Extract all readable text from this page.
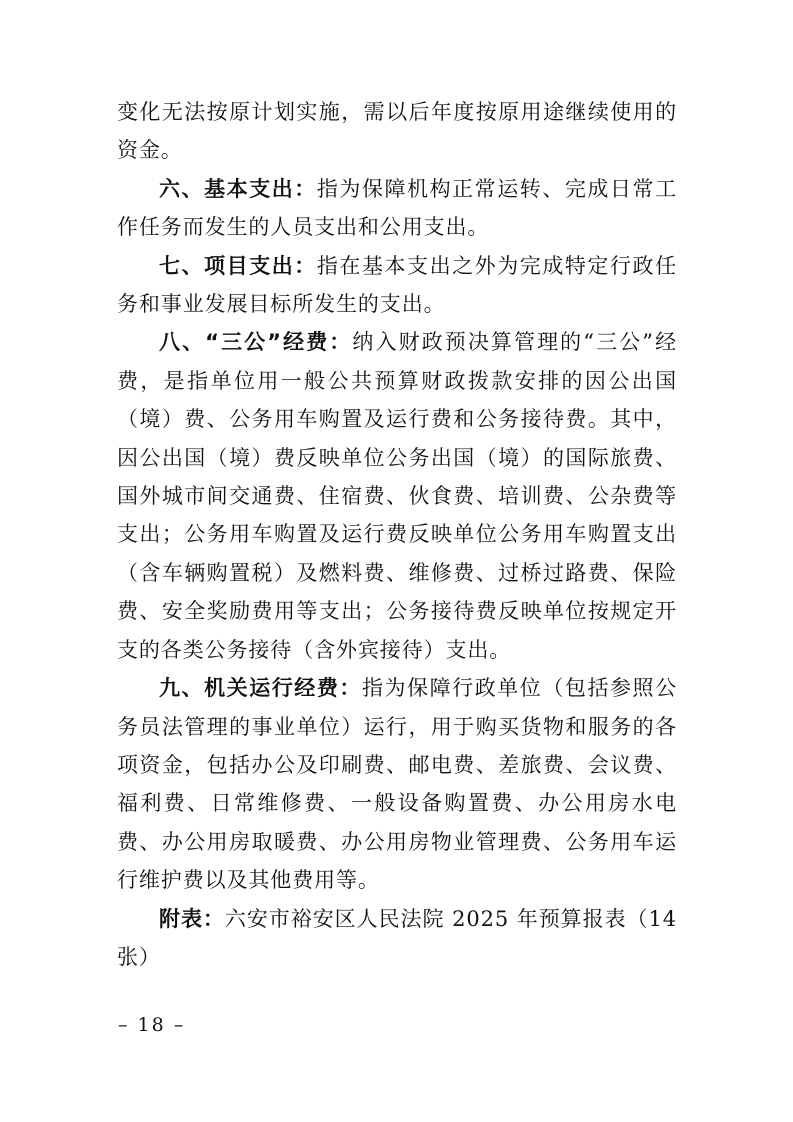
变化无法按原计划实施，需以后年度按原用途继续使用的资金。

六、基本支出：指为保障机构正常运转、完成日常工作任务而发生的人员支出和公用支出。

七、项目支出：指在基本支出之外为完成特定行政任务和事业发展目标所发生的支出。

八、“三公”经费：纳入财政预决算管理的“三公”经费，是指单位用一般公共预算财政拨款安排的因公出国（境）费、公务用车购置及运行费和公务接待费。其中，因公出国（境）费反映单位公务出国（境）的国际旅费、国外城市间交通费、住宿费、伙食费、培训费、公杂费等支出；公务用车购置及运行费反映单位公务用车购置支出（含车辆购置税）及燃料费、维修费、过桥过路费、保险费、安全奖励费用等支出；公务接待费反映单位按规定开支的各类公务接待（含外宾接待）支出。

九、机关运行经费：指为保障行政单位（包括参照公务员法管理的事业单位）运行，用于购买货物和服务的各项资金，包括办公及印刷费、邮电费、差旅费、会议费、福利费、日常维修费、一般设备购置费、办公用房水电费、办公用房取暖费、办公用房物业管理费、公务用车运行维护费以及其他费用等。

附表：六安市裕安区人民法院 2025 年预算报表（14 张）

– 18 –
